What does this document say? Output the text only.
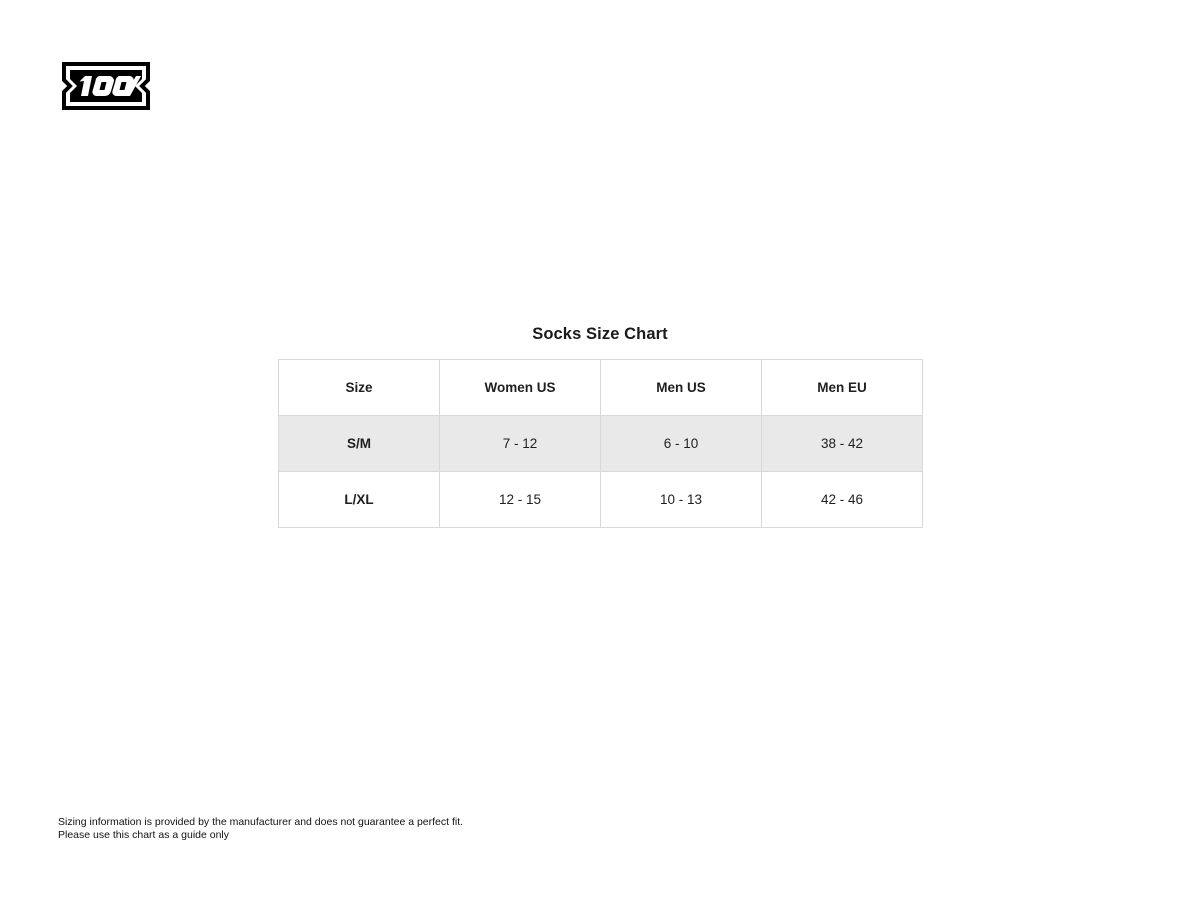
Socks Size Chart
Size	Women US	Men US	Men EU
S/M	7 - 12	6 - 10	38 - 42
L/XL	12 - 15	10 - 13	42 - 46
Sizing information is provided by the manufacturer and does not guarantee a perfect fit.
Please use this chart as a guide only
